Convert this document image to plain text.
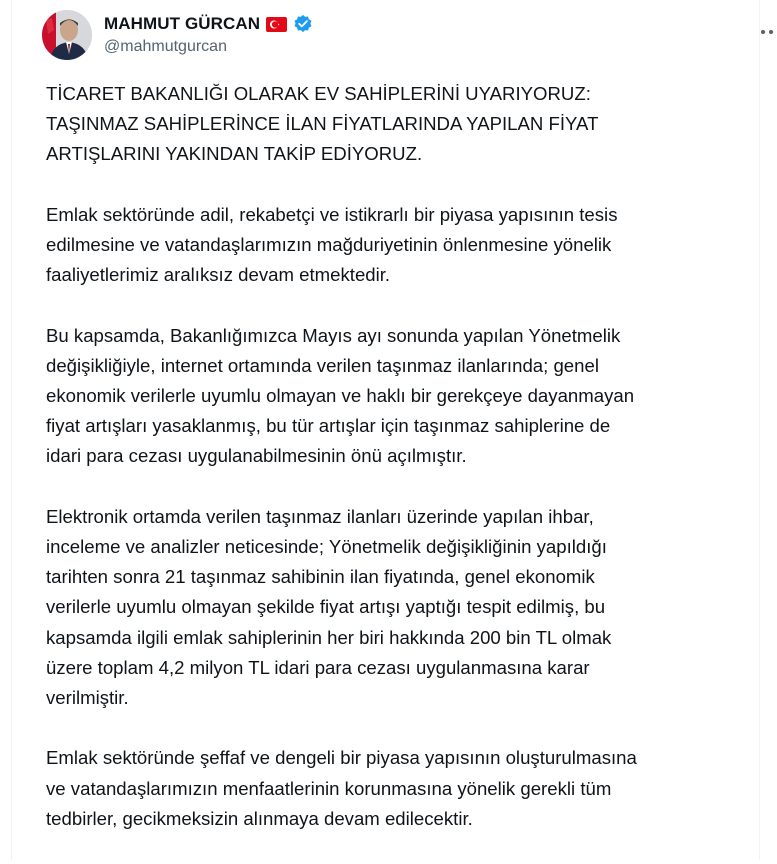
MAHMUT GÜRCAN
@mahmutgurcan

TİCARET BAKANLIĞI OLARAK EV SAHİPLERİNİ UYARIYORUZ:
TAŞINMAZ SAHİPLERİNCE İLAN FİYATLARINDA YAPILAN FİYAT
ARTIŞLARINI YAKINDAN TAKİP EDİYORUZ.

Emlak sektöründe adil, rekabetçi ve istikrarlı bir piyasa yapısının tesis
edilmesine ve vatandaşlarımızın mağduriyetinin önlenmesine yönelik
faaliyetlerimiz aralıksız devam etmektedir.

Bu kapsamda, Bakanlığımızca Mayıs ayı sonunda yapılan Yönetmelik
değişikliğiyle, internet ortamında verilen taşınmaz ilanlarında; genel
ekonomik verilerle uyumlu olmayan ve haklı bir gerekçeye dayanmayan
fiyat artışları yasaklanmış, bu tür artışlar için taşınmaz sahiplerine de
idari para cezası uygulanabilmesinin önü açılmıştır.

Elektronik ortamda verilen taşınmaz ilanları üzerinde yapılan ihbar,
inceleme ve analizler neticesinde; Yönetmelik değişikliğinin yapıldığı
tarihten sonra 21 taşınmaz sahibinin ilan fiyatında, genel ekonomik
verilerle uyumlu olmayan şekilde fiyat artışı yaptığı tespit edilmiş, bu
kapsamda ilgili emlak sahiplerinin her biri hakkında 200 bin TL olmak
üzere toplam 4,2 milyon TL idari para cezası uygulanmasına karar
verilmiştir.

Emlak sektöründe şeffaf ve dengeli bir piyasa yapısının oluşturulmasına
ve vatandaşlarımızın menfaatlerinin korunmasına yönelik gerekli tüm
tedbirler, gecikmeksizin alınmaya devam edilecektir.
